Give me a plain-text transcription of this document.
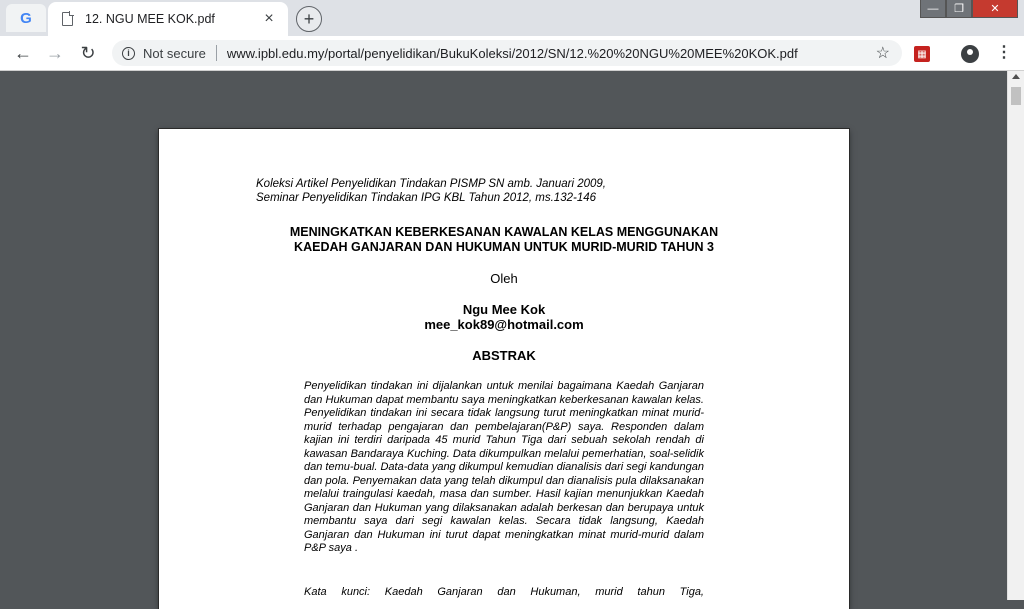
G	12. NGU MEE KOK.pdf	×	+	—	❐	✕
← → ↻	i	Not secure www.ipbl.edu.my/portal/penyelidikan/BukuKoleksi/2012/SN/12.%20%20NGU%20MEE%20KOK.pdf	☆	▦	⋮
Koleksi Artikel Penyelidikan Tindakan PISMP SN amb. Januari 2009,
Seminar Penyelidikan Tindakan IPG KBL Tahun 2012, ms.132-146
MENINGKATKAN KEBERKESANAN KAWALAN KELAS MENGGUNAKAN
KAEDAH GANJARAN DAN HUKUMAN UNTUK MURID-MURID TAHUN 3
Oleh
Ngu Mee Kok
mee_kok89@hotmail.com
ABSTRAK
Penyelidikan tindakan ini dijalankan untuk menilai bagaimana Kaedah Ganjaran dan Hukuman dapat membantu saya meningkatkan keberkesanan kawalan kelas. Penyelidikan tindakan ini secara tidak langsung turut meningkatkan minat murid-murid terhadap pengajaran dan pembelajaran(P&P) saya. Responden dalam kajian ini terdiri daripada 45 murid Tahun Tiga dari sebuah sekolah rendah di kawasan Bandaraya Kuching. Data dikumpulkan melalui pemerhatian, soal-selidik dan temu-bual. Data-data yang dikumpul kemudian dianalisis dari segi kandungan dan pola. Penyemakan data yang telah dikumpul dan dianalisis pula dilaksanakan melalui traingulasi kaedah, masa dan sumber. Hasil kajian menunjukkan Kaedah Ganjaran dan Hukuman yang dilaksanakan adalah berkesan dan berupaya untuk membantu saya dari segi kawalan kelas. Secara tidak langsung, Kaedah Ganjaran dan Hukuman ini turut dapat meningkatkan minat murid-murid dalam P&P saya .
Kata kunci: Kaedah Ganjaran dan Hukuman, murid tahun Tiga,
